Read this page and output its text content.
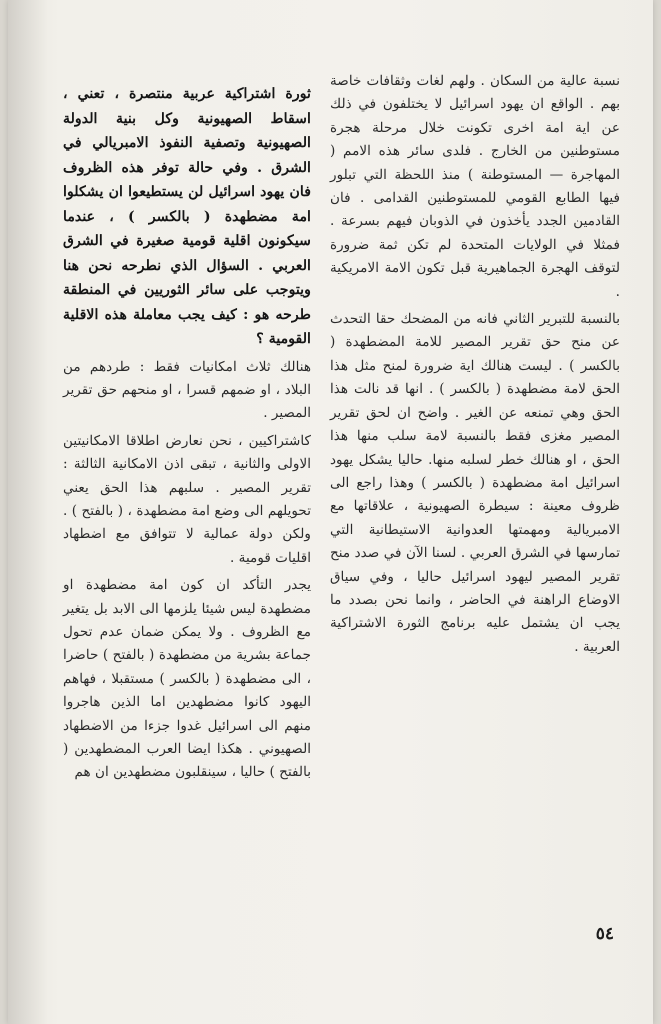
نسبة عالية من السكان . ولهم لغات وثقافات خاصة بهم . الواقع ان يهود اسرائيل لا يختلفون في ذلك عن اية امة اخرى تكونت خلال مرحلة هجرة مستوطنين من الخارج . فلدى سائر هذه الامم ( المهاجرة — المستوطنة ) منذ اللحظة التي تبلور فيها الطابع القومي للمستوطنين القدامى . فان القادمين الجدد يأخذون في الذوبان فيهم بسرعة . فمثلا في الولايات المتحدة لم تكن ثمة ضرورة لتوقف الهجرة الجماهيرية قبل تكون الامة الامريكية .

بالنسبة للتبرير الثاني فانه من المضحك حقا التحدث عن منح حق تقرير المصير للامة المضطهدة ( بالكسر ) . ليست هنالك اية ضرورة لمنح مثل هذا الحق لامة مضطهدة ( بالكسر ) . انها قد نالت هذا الحق وهي تمنعه عن الغير . واضح ان لحق تقرير المصير مغزى فقط بالنسبة لامة سلب منها هذا الحق ، او هنالك خطر لسلبه منها. حاليا يشكل يهود اسرائيل امة مضطهدة ( بالكسر ) وهذا راجع الى ظروف معينة : سيطرة الصهيونية ، علاقاتها مع الامبريالية ومهمتها العدوانية الاستيطانية التي تمارسها في الشرق العربي . لسنا الآن في صدد منح تقرير المصير ليهود اسرائيل حاليا ، وفي سياق الاوضاع الراهنة في الحاضر ، وانما نحن بصدد ما يجب ان يشتمل عليه برنامج الثورة الاشتراكية العربية .

ثورة اشتراكية عربية منتصرة ، تعني ، اسقاط الصهيونية وكل بنية الدولة الصهيونية وتصفية النفوذ الامبريالي في الشرق . وفي حالة توفر هذه الظروف فان يهود اسرائيل لن يستطيعوا ان يشكلوا امة مضطهدة ( بالكسر ) ، عندما سيكونون اقلية قومية صغيرة في الشرق العربي . السؤال الذي نطرحه نحن هنا ويتوجب على سائر الثوريين في المنطقة طرحه هو : كيف يجب معاملة هذه الاقلية القومية ؟

هنالك ثلاث امكانيات فقط : طردهم من البلاد ، او ضمهم قسرا ، او منحهم حق تقرير المصير .

كاشتراكيين ، نحن نعارض اطلاقا الامكانيتين الاولى والثانية ، تبقى اذن الامكانية الثالثة : تقرير المصير . سلبهم هذا الحق يعني تحويلهم الى وضع امة مضطهدة ، ( بالفتح ) . ولكن دولة عمالية لا تتوافق مع اضطهاد اقليات قومية .

يجدر التأكد ان كون امة مضطهدة او مضطهدة ليس شيئا يلزمها الى الابد بل يتغير مع الظروف . ولا يمكن ضمان عدم تحول جماعة بشرية من مضطهدة ( بالفتح ) حاضرا ، الى مضطهدة ( بالكسر ) مستقبلا ، فهاهم اليهود كانوا مضطهدين اما الذين هاجروا منهم الى اسرائيل غدوا جزءا من الاضطهاد الصهيوني . هكذا ايضا العرب المضطهدين ( بالفتح ) حاليا ، سينقلبون مضطهدين ان هم

٥٤
